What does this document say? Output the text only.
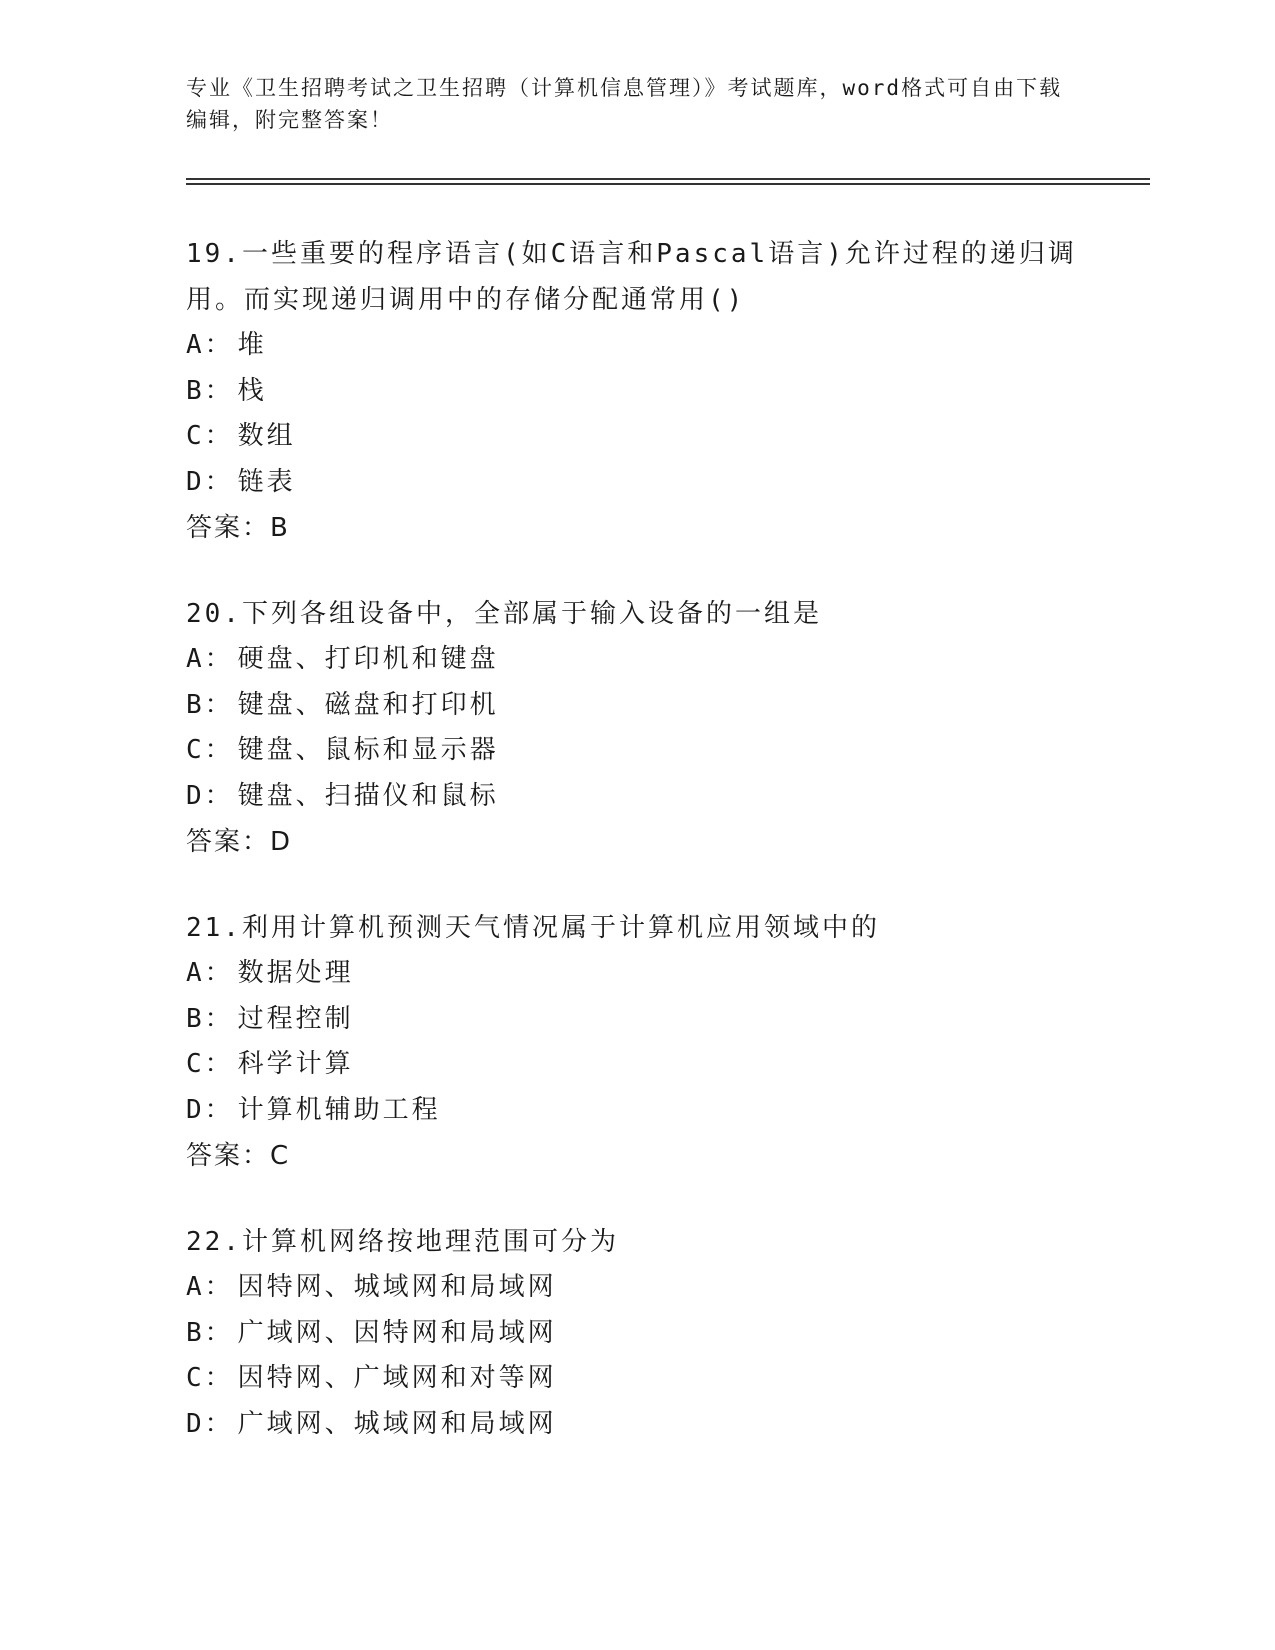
专业《卫生招聘考试之卫生招聘（计算机信息管理）》考试题库，word格式可自由下载编辑，附完整答案！
19.一些重要的程序语言(如C语言和Pascal语言)允许过程的递归调用。而实现递归调用中的存储分配通常用()
A： 堆
B： 栈
C： 数组
D： 链表
答案：B
20.下列各组设备中，全部属于输入设备的一组是
A： 硬盘、打印机和键盘
B： 键盘、磁盘和打印机
C： 键盘、鼠标和显示器
D： 键盘、扫描仪和鼠标
答案：D
21.利用计算机预测天气情况属于计算机应用领域中的
A： 数据处理
B： 过程控制
C： 科学计算
D： 计算机辅助工程
答案：C
22.计算机网络按地理范围可分为
A： 因特网、城域网和局域网
B： 广域网、因特网和局域网
C： 因特网、广域网和对等网
D： 广域网、城域网和局域网
